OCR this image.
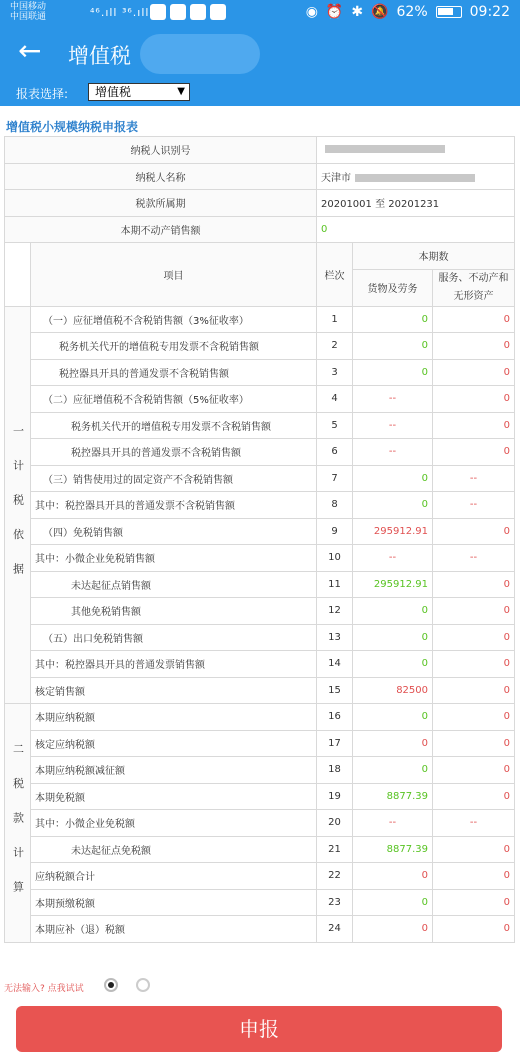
中国移动
中国联通	⁴⁶.ıll ³⁶.ıll	◉ ⏰ ✱ 🔕 62%	09:22
← 增值税
报表选择:	增值税	▼
增值税小规模纳税申报表
纳税人识别号				
纳税人名称		天津市		
税款所属期		20201001 至 20201231		
本期不动产销售额		0		
	项目	栏次	本期数	
			货物及劳务	服务、不动产和无形资产

一 计 税 依 据	（一）应征增值税不含税销售额（3%征收率）	1	0	0
	税务机关代开的增值税专用发票不含税销售额	2	0	0
	税控器具开具的普通发票不含税销售额	3	0	0
	（二）应征增值税不含税销售额（5%征收率）	4	--	0
	税务机关代开的增值税专用发票不含税销售额	5	--	0
	税控器具开具的普通发票不含税销售额	6	--	0
	（三）销售使用过的固定资产不含税销售额	7	0	--
	其中：税控器具开具的普通发票不含税销售额	8	0	--
	（四）免税销售额	9	295912.91	0
	其中：小微企业免税销售额	10	--	--
	未达起征点销售额	11	295912.91	0
	其他免税销售额	12	0	0
	（五）出口免税销售额	13	0	0
	其中：税控器具开具的普通发票销售额	14	0	0
	核定销售额	15	82500	0
二 税 款 计 算	本期应纳税额	16	0	0
	核定应纳税额	17	0	0
	本期应纳税额减征额	18	0	0
	本期免税额	19	8877.39	0
	其中：小微企业免税额	20	--	--
	未达起征点免税额	21	8877.39	0
	应纳税额合计	22	0	0
	本期预缴税额	23	0	0
	本期应补（退）税额	24	0	0
无法输入? 点我试试
申报
